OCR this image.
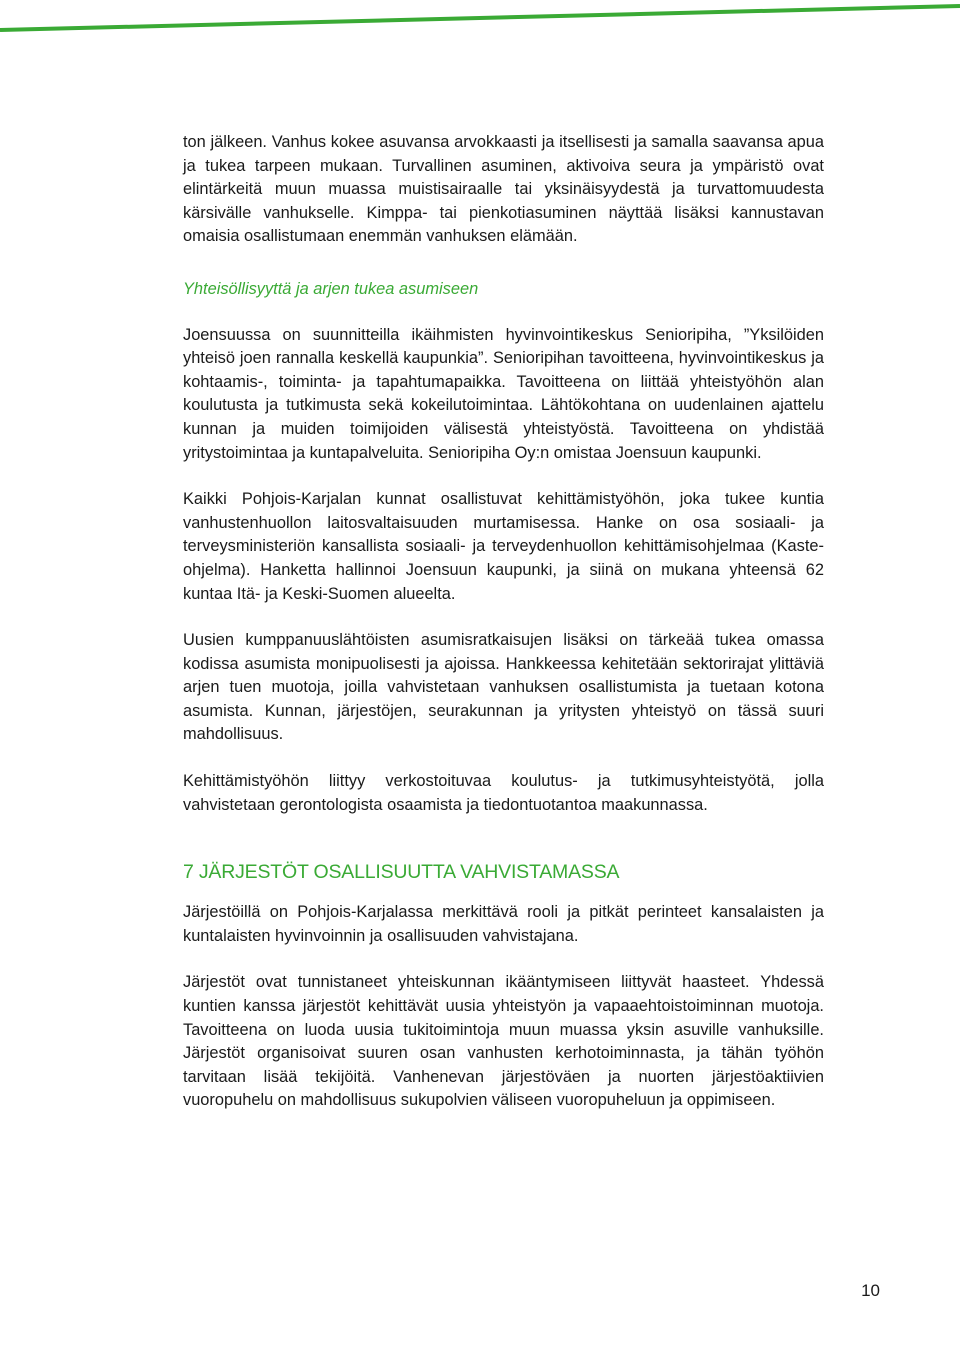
ton jälkeen. Vanhus kokee asuvansa arvokkaasti ja itsellisesti ja samalla saavansa apua ja tukea tarpeen mukaan. Turvallinen asuminen, aktivoiva seura ja ympäristö ovat elintärkeitä muun muassa muistisairaalle tai yksinäisyydestä ja turvattomuudesta kärsivälle vanhukselle. Kimppa- tai pienkotiasuminen näyttää lisäksi kannustavan omaisia osallistumaan enemmän vanhuksen elämään.

Yhteisöllisyyttä ja arjen tukea asumiseen

Joensuussa on suunnitteilla ikäihmisten hyvinvointikeskus Senioripiha, ”Yksilöiden yhteisö joen rannalla keskellä kaupunkia”. Senioripihan tavoitteena, hyvinvointikeskus ja kohtaamis-, toiminta- ja tapahtumapaikka. Tavoitteena on liittää yhteistyöhön alan koulutusta ja tutkimusta sekä kokeilutoimintaa. Lähtökohtana on uudenlainen ajattelu kunnan ja muiden toimijoiden välisestä yhteistyöstä. Tavoitteena on yhdistää yritystoimintaa ja kuntapalveluita. Senioripiha Oy:n omistaa Joensuun kaupunki.

Kaikki Pohjois-Karjalan kunnat osallistuvat kehittämistyöhön, joka tukee kuntia vanhustenhuollon laitosvaltaisuuden murtamisessa. Hanke on osa sosiaali- ja terveysministeriön kansallista sosiaali- ja terveydenhuollon kehittämisohjelmaa (Kaste-ohjelma). Hanketta hallinnoi Joensuun kaupunki, ja siinä on mukana yhteensä 62 kuntaa Itä- ja Keski-Suomen alueelta.

Uusien kumppanuuslähtöisten asumisratkaisujen lisäksi on tärkeää tukea omassa kodissa asumista monipuolisesti ja ajoissa. Hankkeessa kehitetään sektorirajat ylittäviä arjen tuen muotoja, joilla vahvistetaan vanhuksen osallistumista ja tuetaan kotona asumista. Kunnan, järjestöjen, seurakunnan ja yritysten yhteistyö on tässä suuri mahdollisuus.

Kehittämistyöhön liittyy verkostoituvaa koulutus- ja tutkimusyhteistyötä, jolla vahvistetaan gerontologista osaamista ja tiedontuotantoa maakunnassa.

7 JÄRJESTÖT OSALLISUUTTA VAHVISTAMASSA

Järjestöillä on Pohjois-Karjalassa merkittävä rooli ja pitkät perinteet kansalaisten ja kuntalaisten hyvinvoinnin ja osallisuuden vahvistajana.

Järjestöt ovat tunnistaneet yhteiskunnan ikääntymiseen liittyvät haasteet. Yhdessä kuntien kanssa järjestöt kehittävät uusia yhteistyön ja vapaaehtoistoiminnan muotoja. Tavoitteena on luoda uusia tukitoimintoja muun muassa yksin asuville vanhuksille. Järjestöt organisoivat suuren osan vanhusten kerhotoiminnasta, ja tähän työhön tarvitaan lisää tekijöitä. Vanhenevan järjestöväen ja nuorten järjestöaktiivien vuoropuhelu on mahdollisuus sukupolvien väliseen vuoropuheluun ja oppimiseen.

10
